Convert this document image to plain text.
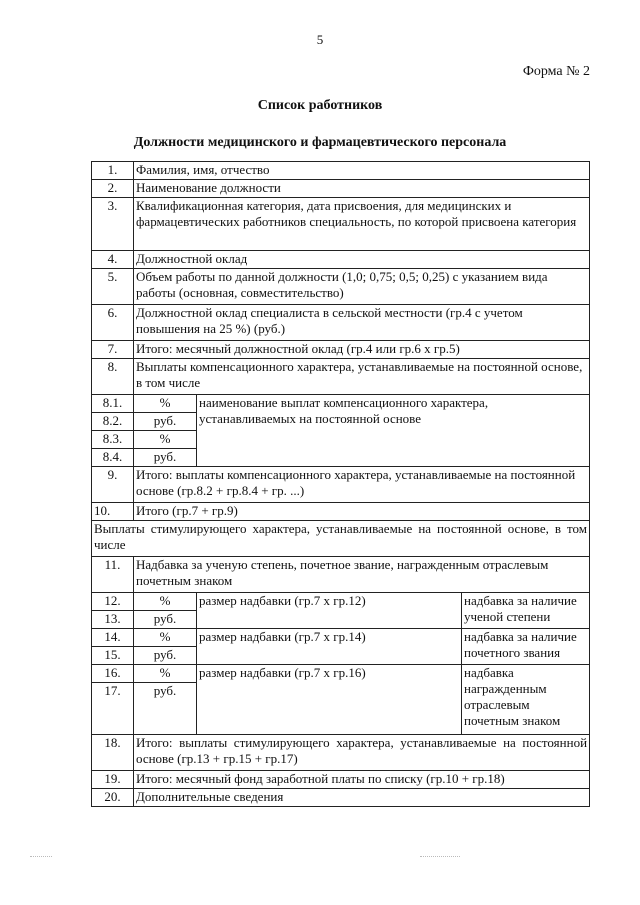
5
Форма № 2
Список работников
Должности медицинского и фармацевтического персонала
1.	Фамилия, имя, отчество		
2.	Наименование должности		
3.	Квалификационная категория, дата присвоения, для медицинских и фармацевтических работников специальность, по которой присвоена категория		
4.	Должностной оклад		
5.	Объем работы по данной должности (1,0; 0,75; 0,5; 0,25) с указанием вида работы (основная, совместительство)		
6.	Должностной оклад специалиста в сельской местности (гр.4 с учетом повышения на 25 %) (руб.)		
7.	Итого: месячный должностной оклад (гр.4 или гр.6 х гр.5)		
8.	Выплаты компенсационного характера, устанавливаемые на постоянной основе, в том числе		
8.1.	%	наименование выплат компенсационного характера, устанавливаемых на постоянной основе	
8.2.	руб.		
8.3.	%		
8.4.	руб.		
9.	Итого: выплаты компенсационного характера, устанавливаемые на постоянной основе (гр.8.2 + гр.8.4 + гр. ...)		
10.	Итого (гр.7 + гр.9)		
Выплаты стимулирующего характера, устанавливаемые на постоянной основе, в том числе			
11.	Надбавка за ученую степень, почетное звание, награжденным отраслевым почетным знаком		
12.	%	размер надбавки (гр.7 х гр.12)	надбавка за наличие ученой степени
13.	руб.		
14.	%	размер надбавки (гр.7 х гр.14)	надбавка за наличие почетного звания
15.	руб.		
16.	%	размер надбавки (гр.7 х гр.16)	надбавка награжденным отраслевым почетным знаком
17.	руб.		
18.	Итого: выплаты стимулирующего характера, устанавливаемые на постоянной основе (гр.13 + гр.15 + гр.17)		
19.	Итого: месячный фонд заработной платы по списку (гр.10 + гр.18)		
20.	Дополнительные сведения		
